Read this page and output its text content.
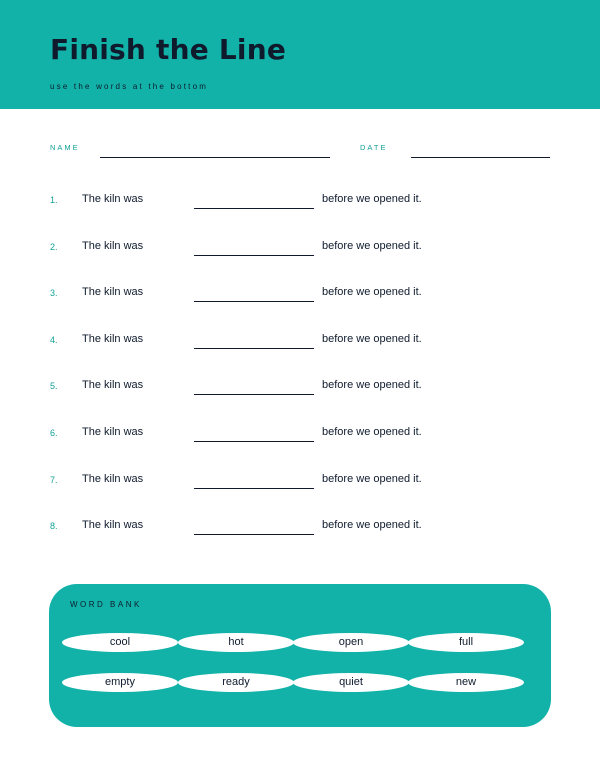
Finish the Line
use the words at the bottom
NAME	DATE
1. The kiln was	before we opened it.
2. The kiln was	before we opened it.
3. The kiln was	before we opened it.
4. The kiln was	before we opened it.
5. The kiln was	before we opened it.
6. The kiln was	before we opened it.
7. The kiln was	before we opened it.
8. The kiln was	before we opened it.
WORD BANK
cool	hot	open	full
empty	ready	quiet	new
